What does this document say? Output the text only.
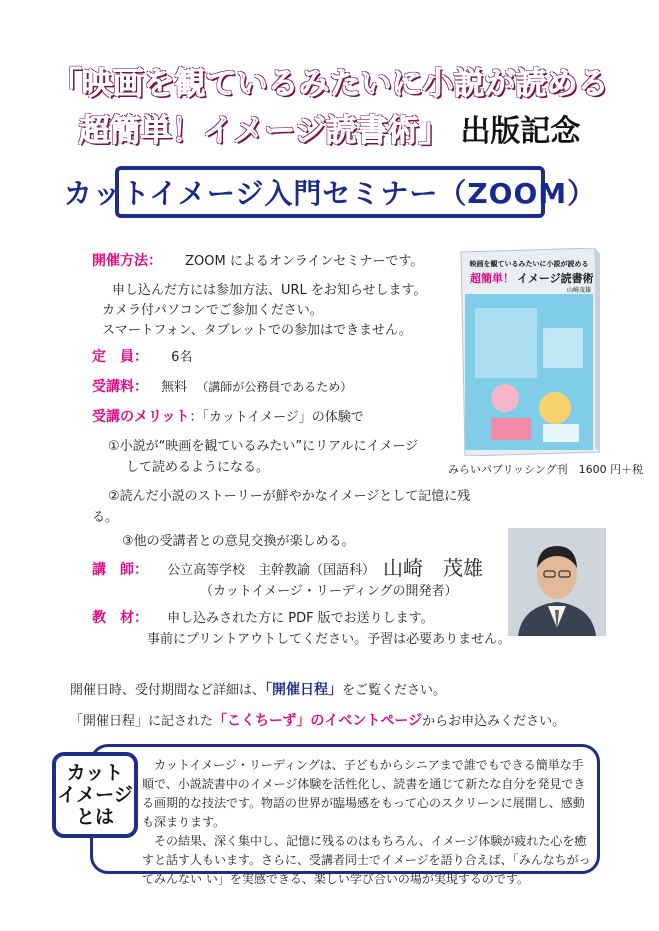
「映画を観ているみたいに小説が読める
超簡単！イメージ読書術」 出版記念
カットイメージ入門セミナー（ZOOM）
開催方法： ZOOM によるオンラインセミナーです。
申し込んだ方には参加方法、URL をお知らせします。
カメラ付パソコンでご参加ください。
スマートフォン、タブレットでの参加はできません。
定　員： 6名
受講料： 無料 （講師が公務員であるため）
受講のメリット：「カットイメージ」の体験で
①小説が“映画を観ているみたい”にリアルにイメージ
して読めるようになる。
②読んだ小説のストーリーが鮮やかなイメージとして記憶に残
る。
③他の受講者との意見交換が楽しめる。
映画を観ているみたいに小説が読める
超簡単！ イメージ読書術
山崎茂雄
みらいパブリッシング刊　1600 円＋税
講　師： 公立高等学校　主幹教諭（国語科） 山崎　茂雄
（カットイメージ・リーディングの開発者）
教　材： 申し込みされた方に PDF 版でお送りします。
事前にプリントアウトしてください。予習は必要ありません。
開催日時、受付期間など詳細は、「開催日程」をご覧ください。
「開催日程」に記された「こくちーず」のイベントページからお申込みください。
カット
イメージ
とは
カットイメージ・リーディングは、子どもからシニアまで誰でもできる簡単な手順で、小説読書中のイメージ体験を活性化し、読書を通じて新たな自分を発見できる画期的な技法です。物語の世界が臨場感をもって心のスクリーンに展開し、感動も深まります。
その結果、深く集中し、記憶に残るのはもちろん、イメージ体験が疲れた心を癒すと話す人もいます。さらに、受講者同士でイメージを語り合えば、「みんなちがってみんない い」を実感できる、楽しい学び合いの場が実現するのです。
